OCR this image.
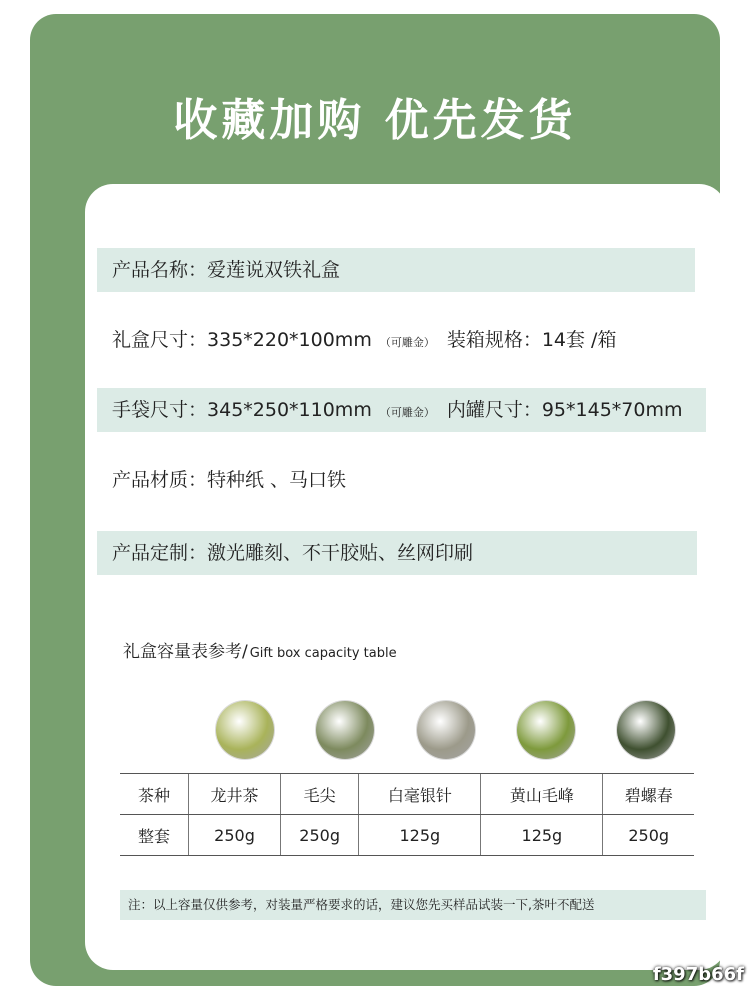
收藏加购 优先发货
产品名称：爱莲说双铁礼盒
礼盒尺寸：335*220*100mm （可雕金） 装箱规格：14套 /箱
手袋尺寸：345*250*110mm （可雕金） 内罐尺寸：95*145*70mm
产品材质：特种纸 、马口铁
产品定制：激光雕刻、不干胶贴、丝网印刷
礼盒容量表参考/ Gift box capacity table
茶种	龙井茶	毛尖	白毫银针	黄山毛峰	碧螺春
整套	250g	250g	125g	125g	250g
注：以上容量仅供参考，对装量严格要求的话，建议您先买样品试装一下,茶叶不配送
f397b66f
